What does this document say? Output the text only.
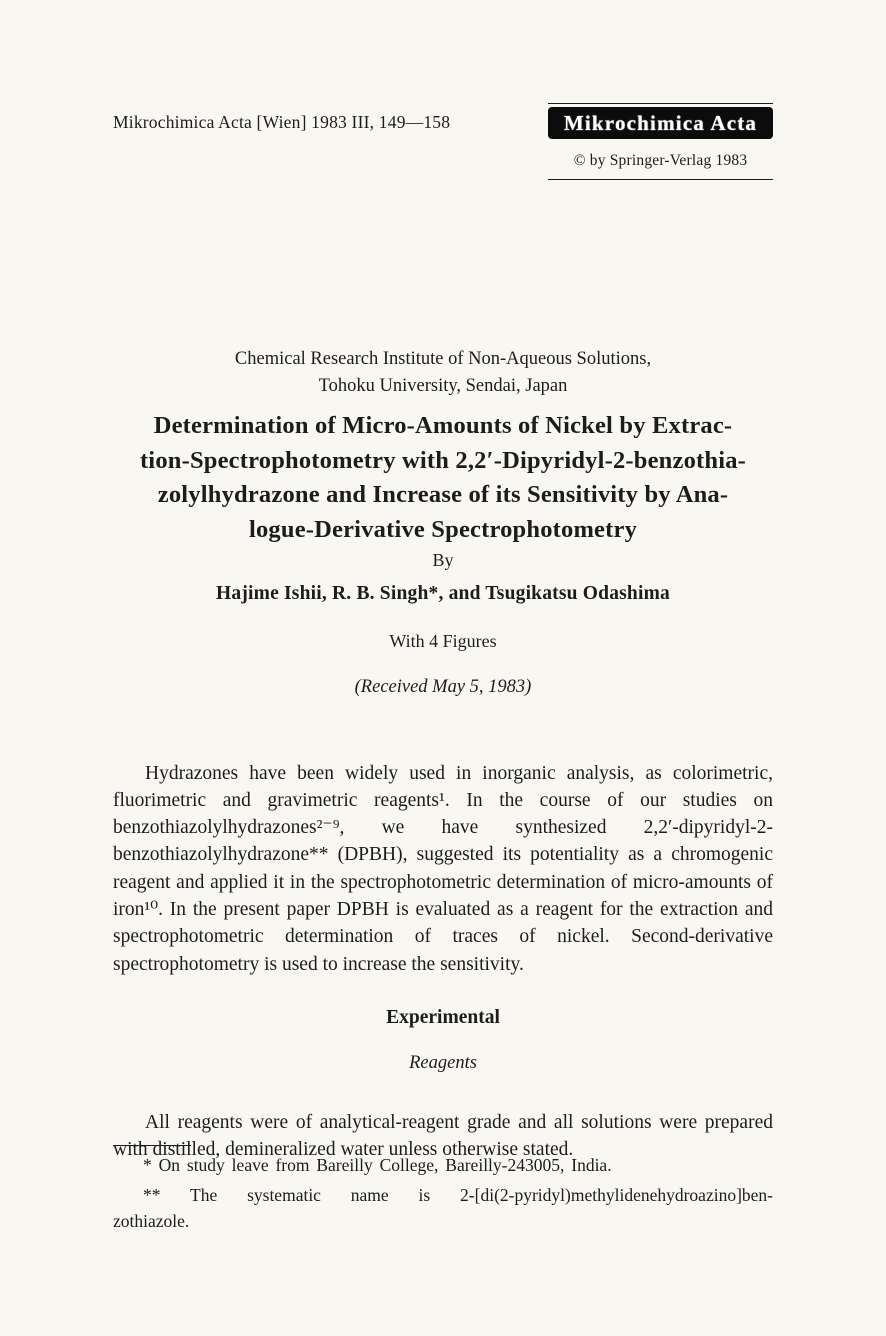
Mikrochimica Acta [Wien] 1983 III, 149—158	Mikrochimica Acta
© by Springer-Verlag 1983
Chemical Research Institute of Non-Aqueous Solutions,
Tohoku University, Sendai, Japan
Determination of Micro-Amounts of Nickel by Extrac-
tion-Spectrophotometry with 2,2′-Dipyridyl-2-benzothia-
zolylhydrazone and Increase of its Sensitivity by Ana-
logue-Derivative Spectrophotometry
By
Hajime Ishii, R. B. Singh*, and Tsugikatsu Odashima
With 4 Figures
(Received May 5, 1983)

Hydrazones have been widely used in inorganic analysis, as colorimetric, fluorimetric and gravimetric reagents¹. In the course of our studies on benzothiazolylhydrazones²⁻⁹, we have synthesized 2,2′-dipyridyl-2-benzothiazolylhydrazone** (DPBH), suggested its potentiality as a chromogenic reagent and applied it in the spectrophotometric determination of micro-amounts of iron¹⁰. In the present paper DPBH is evaluated as a reagent for the extraction and spectrophotometric determination of traces of nickel. Second-derivative spectrophotometry is used to increase the sensitivity.

Experimental
Reagents

All reagents were of analytical-reagent grade and all solutions were prepared with distilled, demineralized water unless otherwise stated.

* On study leave from Bareilly College, Bareilly-243005, India.

** The systematic name is 2-[di(2-pyridyl)methylidenehydroazino]ben-
zothiazole.
